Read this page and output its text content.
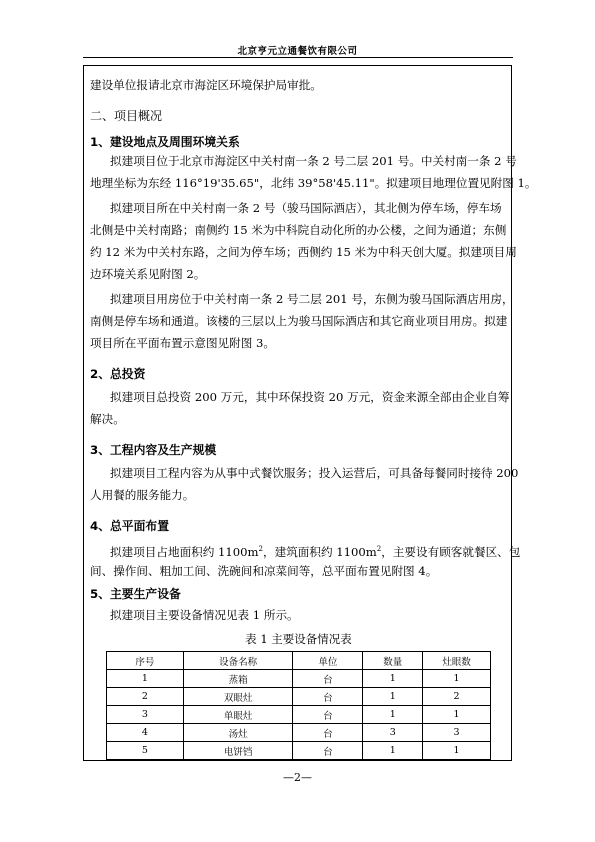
北京亨元立通餐饮有限公司
建设单位报请北京市海淀区环境保护局审批。
二、项目概况
1、建设地点及周围环境关系
拟建项目位于北京市海淀区中关村南一条 2 号二层 201 号。中关村南一条 2 号
地理坐标为东经 116°19'35.65"，北纬 39°58'45.11"。拟建项目地理位置见附图 1。
拟建项目所在中关村南一条 2 号（骏马国际酒店），其北侧为停车场，停车场
北侧是中关村南路；南侧约 15 米为中科院自动化所的办公楼，之间为通道；东侧
约 12 米为中关村东路，之间为停车场；西侧约 15 米为中科天创大厦。拟建项目周
边环境关系见附图 2。
拟建项目用房位于中关村南一条 2 号二层 201 号，东侧为骏马国际酒店用房，
南侧是停车场和通道。该楼的三层以上为骏马国际酒店和其它商业项目用房。拟建
项目所在平面布置示意图见附图 3。
2、总投资
拟建项目总投资 200 万元，其中环保投资 20 万元，资金来源全部由企业自筹
解决。
3、工程内容及生产规模
拟建项目工程内容为从事中式餐饮服务；投入运营后，可具备每餐同时接待 200
人用餐的服务能力。
4、总平面布置
拟建项目占地面积约 $1100m^2$，建筑面积约 $1100m^2$，主要设有顾客就餐区、包
间、操作间、粗加工间、洗碗间和凉菜间等，总平面布置见附图 4。
5、主要生产设备
拟建项目主要设备情况见表 1 所示。
表 1 主要设备情况表
序号	设备名称	单位	数量	灶眼数
1	蒸箱	台	1	1
2	双眼灶	台	1	2
3	单眼灶	台	1	1
4	汤灶	台	3	3
5	电饼铛	台	1	1
—2—
